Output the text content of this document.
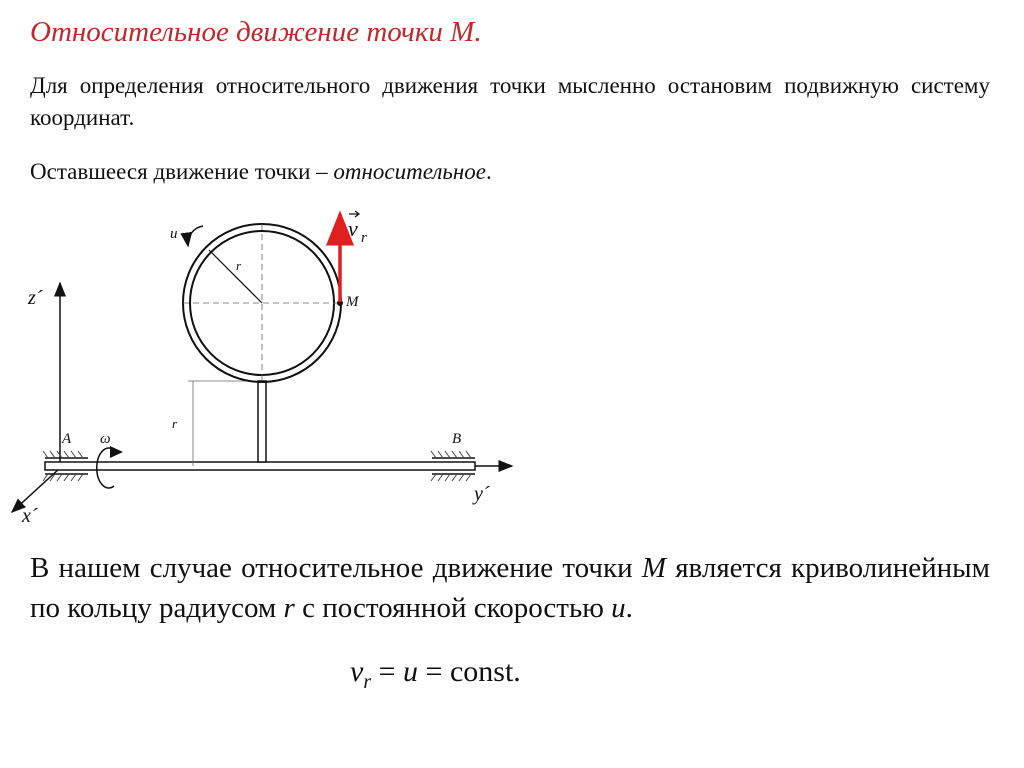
Относительное движение точки М.

Для определения относительного движения точки мысленно остановим подвижную систему координат.

Оставшееся движение точки – относительное.

z´
x´
y´
A	B
ω
r
r
u
M
v r

В нашем случае относительное движение точки М является криволинейным по кольцу радиусом r с постоянной скоростью u.

$v_r = u$ = const.
